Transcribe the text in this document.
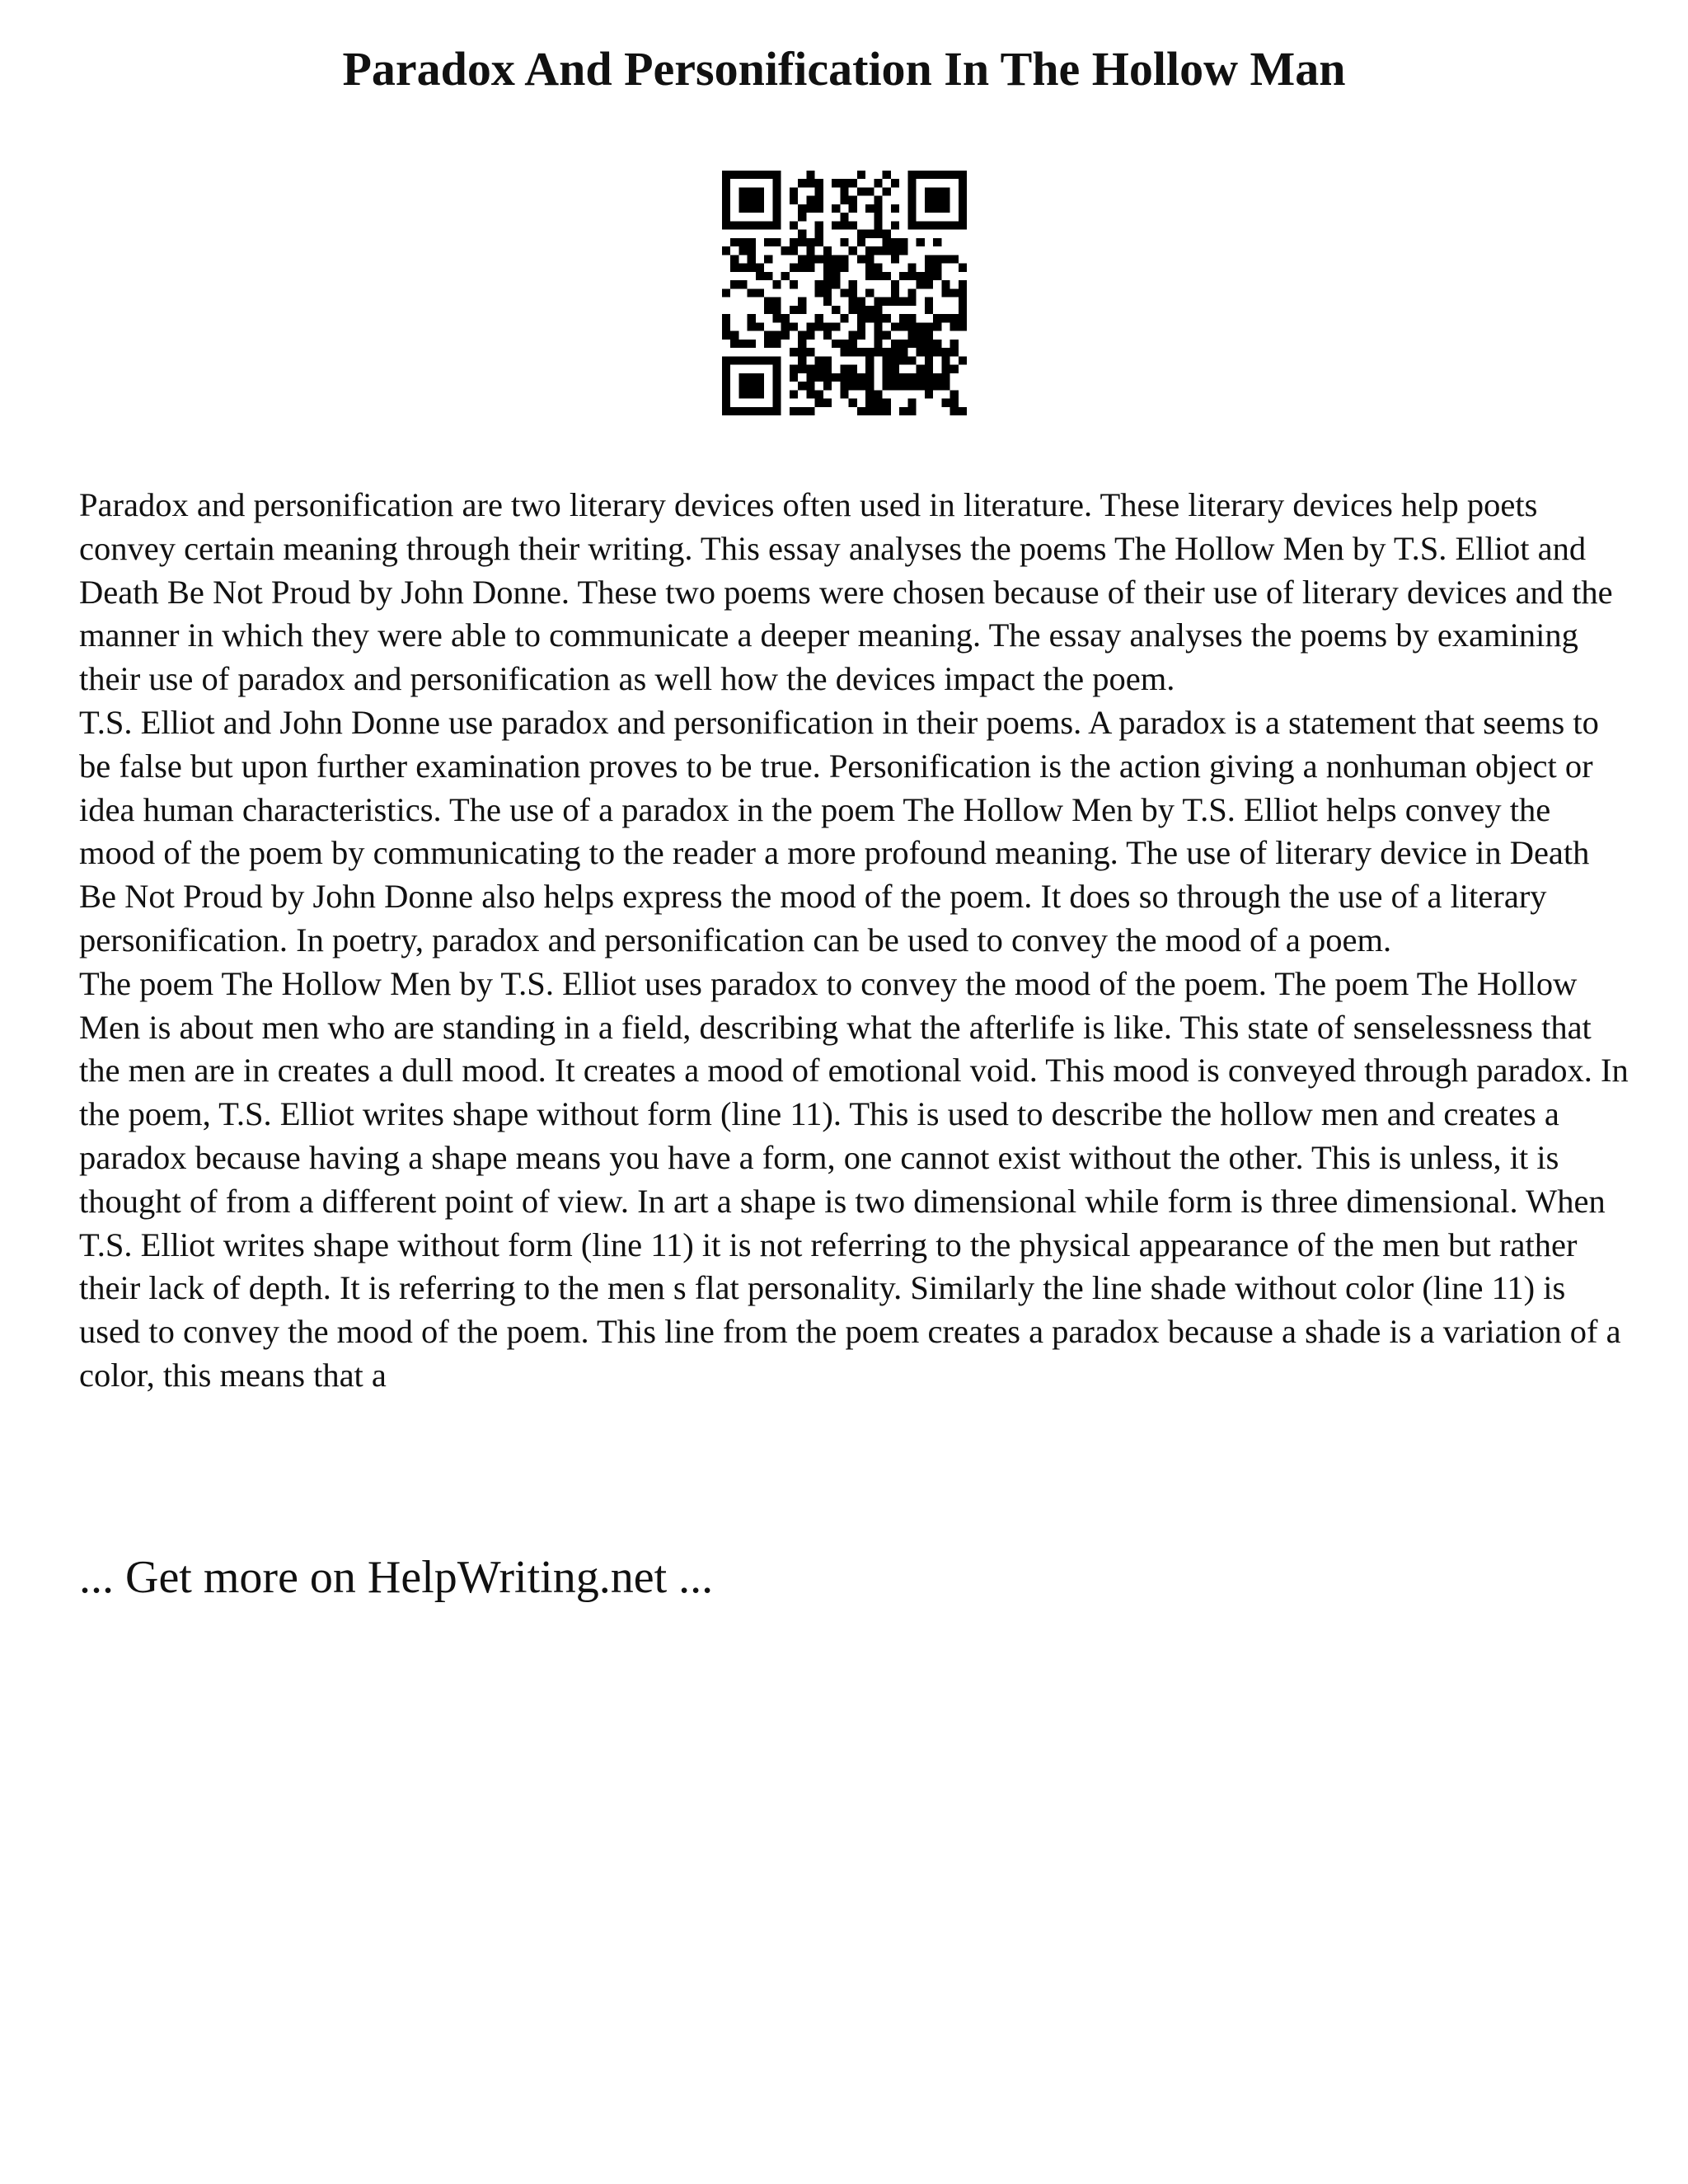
Paradox And Personification In The Hollow Man

Paradox and personification are two literary devices often used in literature. These literary devices help poets convey certain meaning through their writing. This essay analyses the poems The Hollow Men by T.S. Elliot and Death Be Not Proud by John Donne. These two poems were chosen because of their use of literary devices and the manner in which they were able to communicate a deeper meaning. The essay analyses the poems by examining their use of paradox and personification as well how the devices impact the poem.

T.S. Elliot and John Donne use paradox and personification in their poems. A paradox is a statement that seems to be false but upon further examination proves to be true. Personification is the action giving a nonhuman object or idea human characteristics. The use of a paradox in the poem The Hollow Men by T.S. Elliot helps convey the mood of the poem by communicating to the reader a more profound meaning. The use of literary device in Death Be Not Proud by John Donne also helps express the mood of the poem. It does so through the use of a literary personification. In poetry, paradox and personification can be used to convey the mood of a poem.

The poem The Hollow Men by T.S. Elliot uses paradox to convey the mood of the poem. The poem The Hollow Men is about men who are standing in a field, describing what the afterlife is like. This state of senselessness that the men are in creates a dull mood. It creates a mood of emotional void. This mood is conveyed through paradox. In the poem, T.S. Elliot writes shape without form (line 11). This is used to describe the hollow men and creates a paradox because having a shape means you have a form, one cannot exist without the other. This is unless, it is thought of from a different point of view. In art a shape is two dimensional while form is three dimensional. When T.S. Elliot writes shape without form (line 11) it is not referring to the physical appearance of the men but rather their lack of depth. It is referring to the men s flat personality. Similarly the line shade without color (line 11) is used to convey the mood of the poem. This line from the poem creates a paradox because a shade is a variation of a color, this means that a

... Get more on HelpWriting.net ...
